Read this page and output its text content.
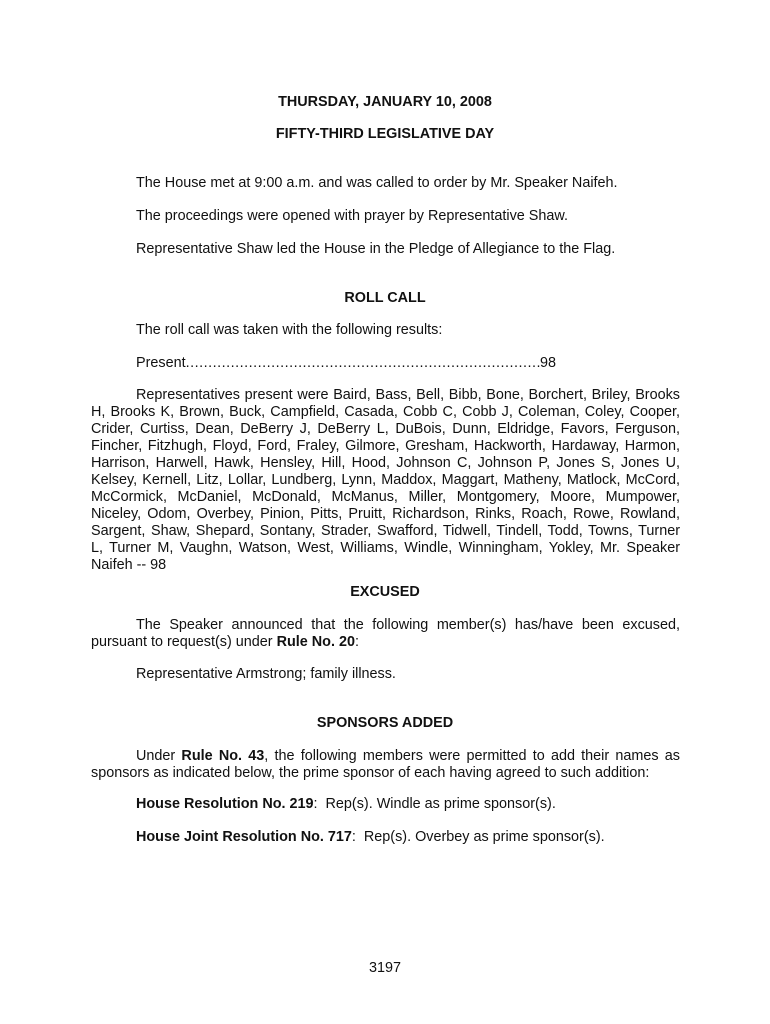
THURSDAY, JANUARY 10, 2008
FIFTY-THIRD LEGISLATIVE DAY
The House met at 9:00 a.m. and was called to order by Mr. Speaker Naifeh.
The proceedings were opened with prayer by Representative Shaw.
Representative Shaw led the House in the Pledge of Allegiance to the Flag.
ROLL CALL
The roll call was taken with the following results:
Present
.....	98
Representatives present were Baird, Bass, Bell, Bibb, Bone, Borchert, Briley, Brooks H, Brooks K, Brown, Buck, Campfield, Casada, Cobb C, Cobb J, Coleman, Coley, Cooper, Crider, Curtiss, Dean, DeBerry J, DeBerry L, DuBois, Dunn, Eldridge, Favors, Ferguson, Fincher, Fitzhugh, Floyd, Ford, Fraley, Gilmore, Gresham, Hackworth, Hardaway, Harmon, Harrison, Harwell, Hawk, Hensley, Hill, Hood, Johnson C, Johnson P, Jones S, Jones U, Kelsey, Kernell, Litz, Lollar, Lundberg, Lynn, Maddox, Maggart, Matheny, Matlock, McCord, McCormick, McDaniel, McDonald, McManus, Miller, Montgomery, Moore, Mumpower, Niceley, Odom, Overbey, Pinion, Pitts, Pruitt, Richardson, Rinks, Roach, Rowe, Rowland, Sargent, Shaw, Shepard, Sontany, Strader, Swafford, Tidwell, Tindell, Todd, Towns, Turner L, Turner M, Vaughn, Watson, West, Williams, Windle, Winningham, Yokley, Mr. Speaker Naifeh -- 98
EXCUSED
The Speaker announced that the following member(s) has/have been excused, pursuant to request(s) under Rule No. 20:
Representative Armstrong; family illness.
SPONSORS ADDED
Under Rule No. 43, the following members were permitted to add their names as sponsors as indicated below, the prime sponsor of each having agreed to such addition:
House Resolution No. 219:  Rep(s). Windle as prime sponsor(s).
House Joint Resolution No. 717:  Rep(s). Overbey as prime sponsor(s).
3197
